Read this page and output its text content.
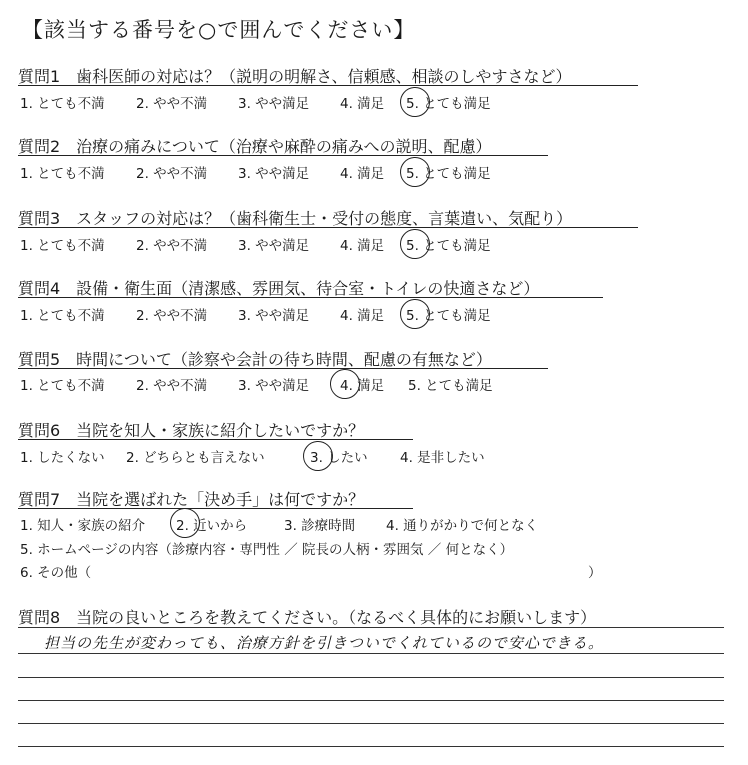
【該当する番号を○で囲んでください】
質問1　歯科医師の対応は？（説明の明解さ、信頼感、相談のしやすさなど）
1. とても不満 2. やや不満 3. やや満足 4. 満足 5. とても満足
質問2　治療の痛みについて（治療や麻酔の痛みへの説明、配慮）
1. とても不満 2. やや不満 3. やや満足 4. 満足 5. とても満足
質問3　スタッフの対応は？（歯科衛生士・受付の態度、言葉遣い、気配り）
1. とても不満 2. やや不満 3. やや満足 4. 満足 5. とても満足
質問4　設備・衛生面（清潔感、雰囲気、待合室・トイレの快適さなど）
1. とても不満 2. やや不満 3. やや満足 4. 満足 5. とても満足
質問5　時間について（診察や会計の待ち時間、配慮の有無など）
1. とても不満 2. やや不満 3. やや満足 4. 満足 5. とても満足
質問6　当院を知人・家族に紹介したいですか？
1. したくない 2. どちらとも言えない	3. したい 4. 是非したい
質問7　当院を選ばれた「決め手」は何ですか？
1. 知人・家族の紹介 2. 近いから	3. 診療時間 4. 通りがかりで何となく
5. ホームページの内容（診療内容・専門性 ／ 院長の人柄・雰囲気 ／ 何となく）
6. その他（	）
質問8　当院の良いところを教えてください。（なるべく具体的にお願いします）
担当の先生が変わっても、治療方針を引きついでくれているので安心できる。
